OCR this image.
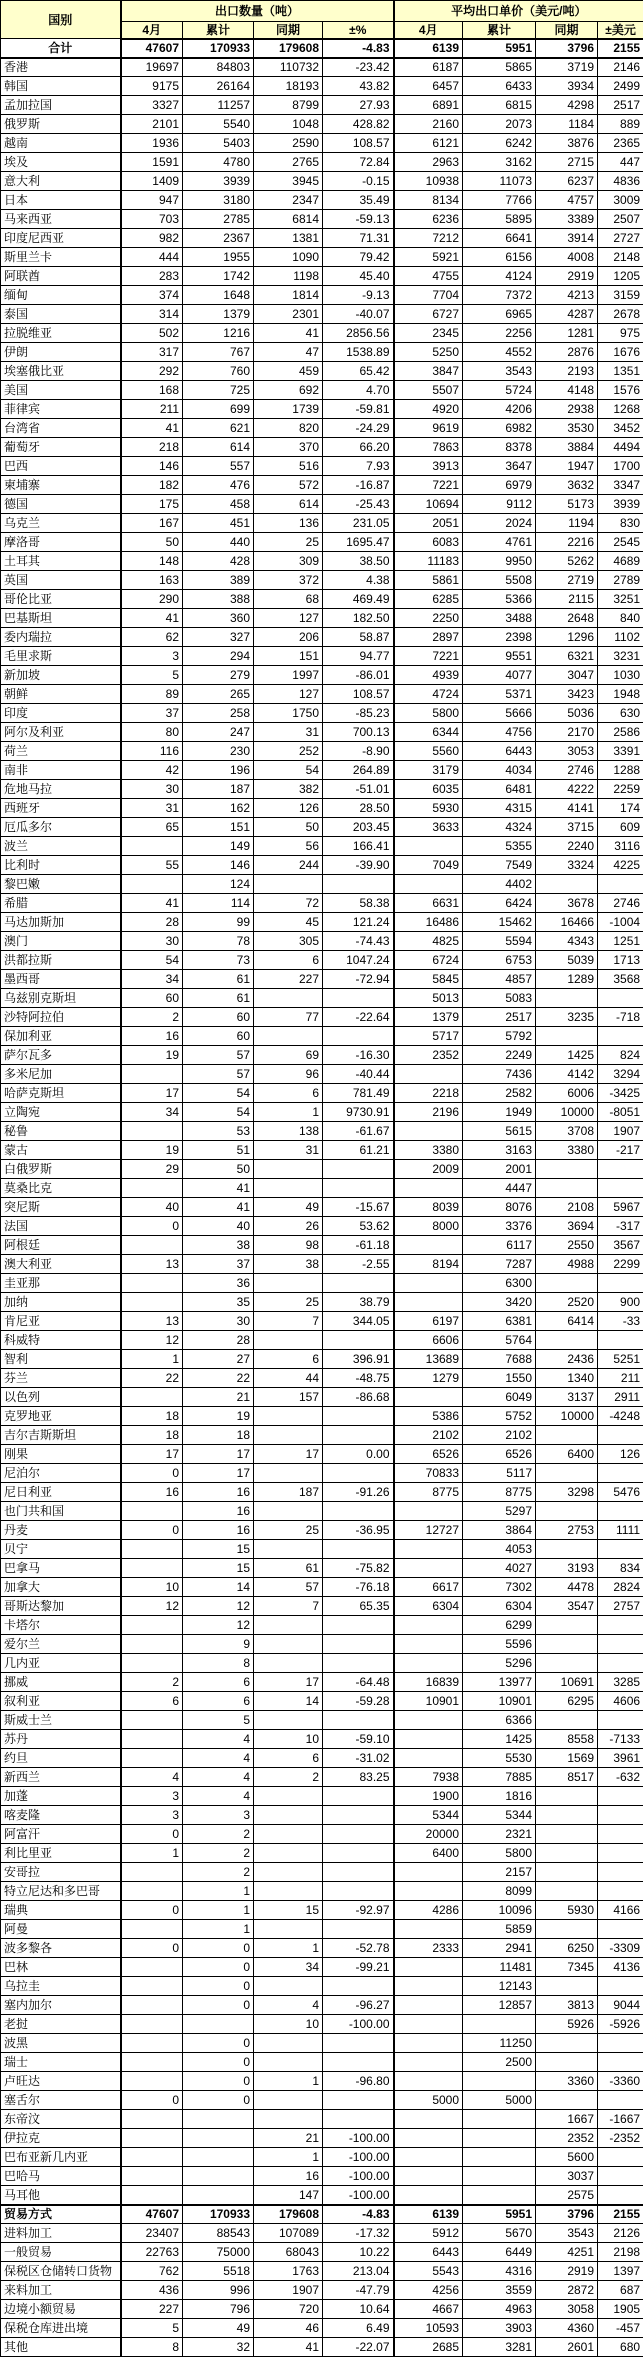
国别	出口数量（吨）				平均出口单价（美元/吨）			
	4月	累计	同期	±%	4月	累计	同期	±美元
合计	47607	170933	179608	-4.83	6139	5951	3796	2155
香港	19697	84803	110732	-23.42	6187	5865	3719	2146
韩国	9175	26164	18193	43.82	6457	6433	3934	2499
孟加拉国	3327	11257	8799	27.93	6891	6815	4298	2517
俄罗斯	2101	5540	1048	428.82	2160	2073	1184	889
越南	1936	5403	2590	108.57	6121	6242	3876	2365
埃及	1591	4780	2765	72.84	2963	3162	2715	447
意大利	1409	3939	3945	-0.15	10938	11073	6237	4836
日本	947	3180	2347	35.49	8134	7766	4757	3009
马来西亚	703	2785	6814	-59.13	6236	5895	3389	2507
印度尼西亚	982	2367	1381	71.31	7212	6641	3914	2727
斯里兰卡	444	1955	1090	79.42	5921	6156	4008	2148
阿联酋	283	1742	1198	45.40	4755	4124	2919	1205
缅甸	374	1648	1814	-9.13	7704	7372	4213	3159
泰国	314	1379	2301	-40.07	6727	6965	4287	2678
拉脱维亚	502	1216	41	2856.56	2345	2256	1281	975
伊朗	317	767	47	1538.89	5250	4552	2876	1676
埃塞俄比亚	292	760	459	65.42	3847	3543	2193	1351
美国	168	725	692	4.70	5507	5724	4148	1576
菲律宾	211	699	1739	-59.81	4920	4206	2938	1268
台湾省	41	621	820	-24.29	9619	6982	3530	3452
葡萄牙	218	614	370	66.20	7863	8378	3884	4494
巴西	146	557	516	7.93	3913	3647	1947	1700
柬埔寨	182	476	572	-16.87	7221	6979	3632	3347
德国	175	458	614	-25.43	10694	9112	5173	3939
乌克兰	167	451	136	231.05	2051	2024	1194	830
摩洛哥	50	440	25	1695.47	6083	4761	2216	2545
土耳其	148	428	309	38.50	11183	9950	5262	4689
英国	163	389	372	4.38	5861	5508	2719	2789
哥伦比亚	290	388	68	469.49	6285	5366	2115	3251
巴基斯坦	41	360	127	182.50	2250	3488	2648	840
委内瑞拉	62	327	206	58.87	2897	2398	1296	1102
毛里求斯	3	294	151	94.77	7221	9551	6321	3231
新加坡	5	279	1997	-86.01	4939	4077	3047	1030
朝鲜	89	265	127	108.57	4724	5371	3423	1948
印度	37	258	1750	-85.23	5800	5666	5036	630
阿尔及利亚	80	247	31	700.13	6344	4756	2170	2586
荷兰	116	230	252	-8.90	5560	6443	3053	3391
南非	42	196	54	264.89	3179	4034	2746	1288
危地马拉	30	187	382	-51.01	6035	6481	4222	2259
西班牙	31	162	126	28.50	5930	4315	4141	174
厄瓜多尔	65	151	50	203.45	3633	4324	3715	609
波兰		149	56	166.41		5355	2240	3116
比利时	55	146	244	-39.90	7049	7549	3324	4225
黎巴嫩		124				4402		
希腊	41	114	72	58.38	6631	6424	3678	2746
马达加斯加	28	99	45	121.24	16486	15462	16466	-1004
澳门	30	78	305	-74.43	4825	5594	4343	1251
洪都拉斯	54	73	6	1047.24	6724	6753	5039	1713
墨西哥	34	61	227	-72.94	5845	4857	1289	3568
乌兹别克斯坦	60	61			5013	5083		
沙特阿拉伯	2	60	77	-22.64	1379	2517	3235	-718
保加利亚	16	60			5717	5792		
萨尔瓦多	19	57	69	-16.30	2352	2249	1425	824
多米尼加		57	96	-40.44		7436	4142	3294
哈萨克斯坦	17	54	6	781.49	2218	2582	6006	-3425
立陶宛	34	54	1	9730.91	2196	1949	10000	-8051
秘鲁		53	138	-61.67		5615	3708	1907
蒙古	19	51	31	61.21	3380	3163	3380	-217
白俄罗斯	29	50			2009	2001		
莫桑比克		41				4447		
突尼斯	40	41	49	-15.67	8039	8076	2108	5967
法国	0	40	26	53.62	8000	3376	3694	-317
阿根廷		38	98	-61.18		6117	2550	3567
澳大利亚	13	37	38	-2.55	8194	7287	4988	2299
圭亚那		36				6300		
加纳		35	25	38.79		3420	2520	900
肯尼亚	13	30	7	344.05	6197	6381	6414	-33
科威特	12	28			6606	5764		
智利	1	27	6	396.91	13689	7688	2436	5251
芬兰	22	22	44	-48.75	1279	1550	1340	211
以色列		21	157	-86.68		6049	3137	2911
克罗地亚	18	19			5386	5752	10000	-4248
吉尔吉斯斯坦	18	18			2102	2102		
刚果	17	17	17	0.00	6526	6526	6400	126
尼泊尔	0	17			70833	5117		
尼日利亚	16	16	187	-91.26	8775	8775	3298	5476
也门共和国		16				5297		
丹麦	0	16	25	-36.95	12727	3864	2753	1111
贝宁		15				4053		
巴拿马		15	61	-75.82		4027	3193	834
加拿大	10	14	57	-76.18	6617	7302	4478	2824
哥斯达黎加	12	12	7	65.35	6304	6304	3547	2757
卡塔尔		12				6299		
爱尔兰		9				5596		
几内亚		8				5296		
挪威	2	6	17	-64.48	16839	13977	10691	3285
叙利亚	6	6	14	-59.28	10901	10901	6295	4606
斯威士兰		5				6366		
苏丹		4	10	-59.10		1425	8558	-7133
约旦		4	6	-31.02		5530	1569	3961
新西兰	4	4	2	83.25	7938	7885	8517	-632
加蓬	3	4			1900	1816		
喀麦隆	3	3			5344	5344		
阿富汗	0	2			20000	2321		
利比里亚	1	2			6400	5800		
安哥拉		2				2157		
特立尼达和多巴哥		1				8099		
瑞典	0	1	15	-92.97	4286	10096	5930	4166
阿曼		1				5859		
波多黎各	0	0	1	-52.78	2333	2941	6250	-3309
巴林		0	34	-99.21		11481	7345	4136
乌拉圭		0				12143		
塞内加尔		0	4	-96.27		12857	3813	9044
老挝			10	-100.00			5926	-5926
波黑		0				11250		
瑞士		0				2500		
卢旺达		0	1	-96.80			3360	-3360
塞舌尔	0	0			5000	5000		
东帝汶							1667	-1667
伊拉克			21	-100.00			2352	-2352
巴布亚新几内亚			1	-100.00			5600	
巴哈马			16	-100.00			3037	
马耳他			147	-100.00			2575	
贸易方式	47607	170933	179608	-4.83	6139	5951	3796	2155
进料加工	23407	88543	107089	-17.32	5912	5670	3543	2126
一般贸易	22763	75000	68043	10.22	6443	6449	4251	2198
保税区仓储转口货物	762	5518	1763	213.04	5543	4316	2919	1397
来料加工	436	996	1907	-47.79	4256	3559	2872	687
边境小额贸易	227	796	720	10.64	4667	4963	3058	1905
保税仓库进出境	5	49	46	6.49	10593	3903	4360	-457
其他	8	32	41	-22.07	2685	3281	2601	680
